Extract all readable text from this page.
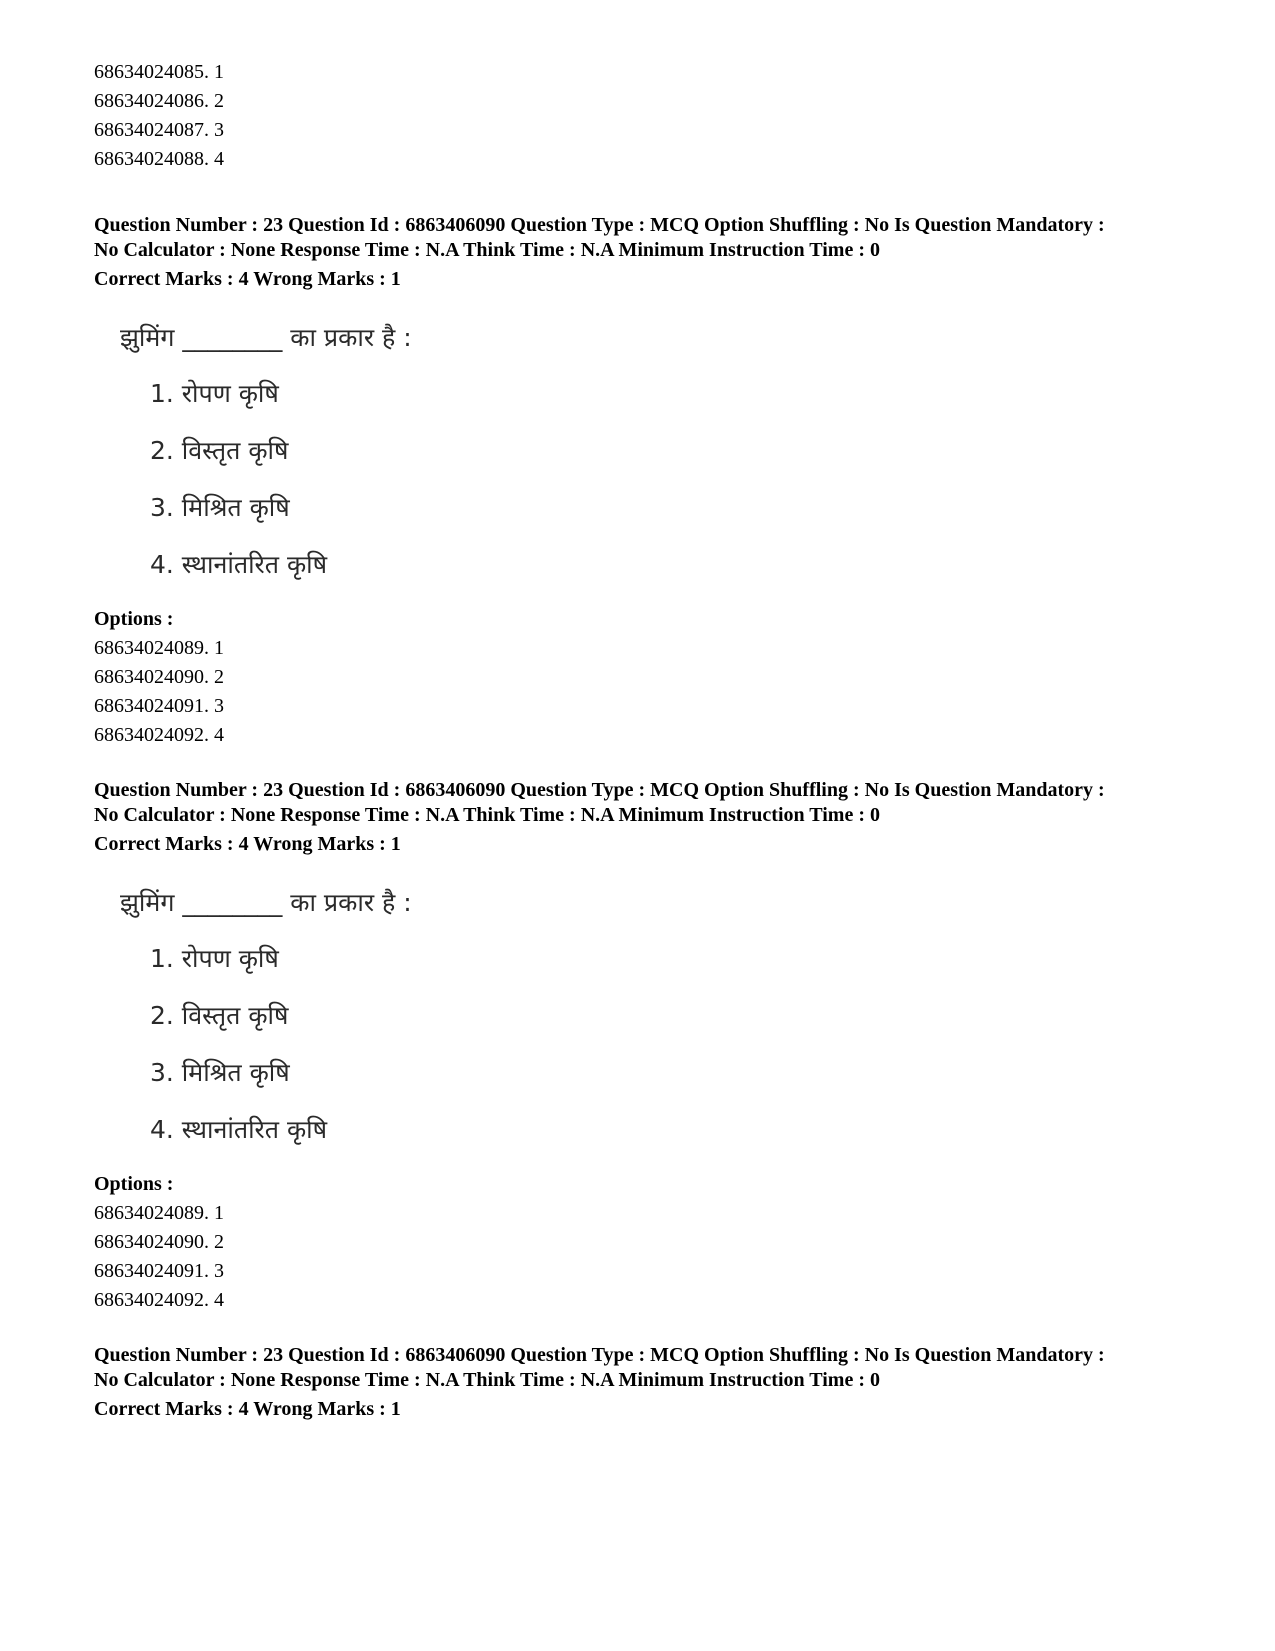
68634024085. 1
68634024086. 2
68634024087. 3
68634024088. 4
Question Number : 23 Question Id : 6863406090 Question Type : MCQ Option Shuffling : No Is Question Mandatory :
No Calculator : None Response Time : N.A Think Time : N.A Minimum Instruction Time : 0
Correct Marks : 4 Wrong Marks : 1
झुमिंग ________ का प्रकार है :
1. रोपण कृषि
2. विस्तृत कृषि
3. मिश्रित कृषि
4. स्थानांतरित कृषि
Options :
68634024089. 1
68634024090. 2
68634024091. 3
68634024092. 4
Question Number : 23 Question Id : 6863406090 Question Type : MCQ Option Shuffling : No Is Question Mandatory :
No Calculator : None Response Time : N.A Think Time : N.A Minimum Instruction Time : 0
Correct Marks : 4 Wrong Marks : 1
झुमिंग ________ का प्रकार है :
1. रोपण कृषि
2. विस्तृत कृषि
3. मिश्रित कृषि
4. स्थानांतरित कृषि
Options :
68634024089. 1
68634024090. 2
68634024091. 3
68634024092. 4
Question Number : 23 Question Id : 6863406090 Question Type : MCQ Option Shuffling : No Is Question Mandatory :
No Calculator : None Response Time : N.A Think Time : N.A Minimum Instruction Time : 0
Correct Marks : 4 Wrong Marks : 1
